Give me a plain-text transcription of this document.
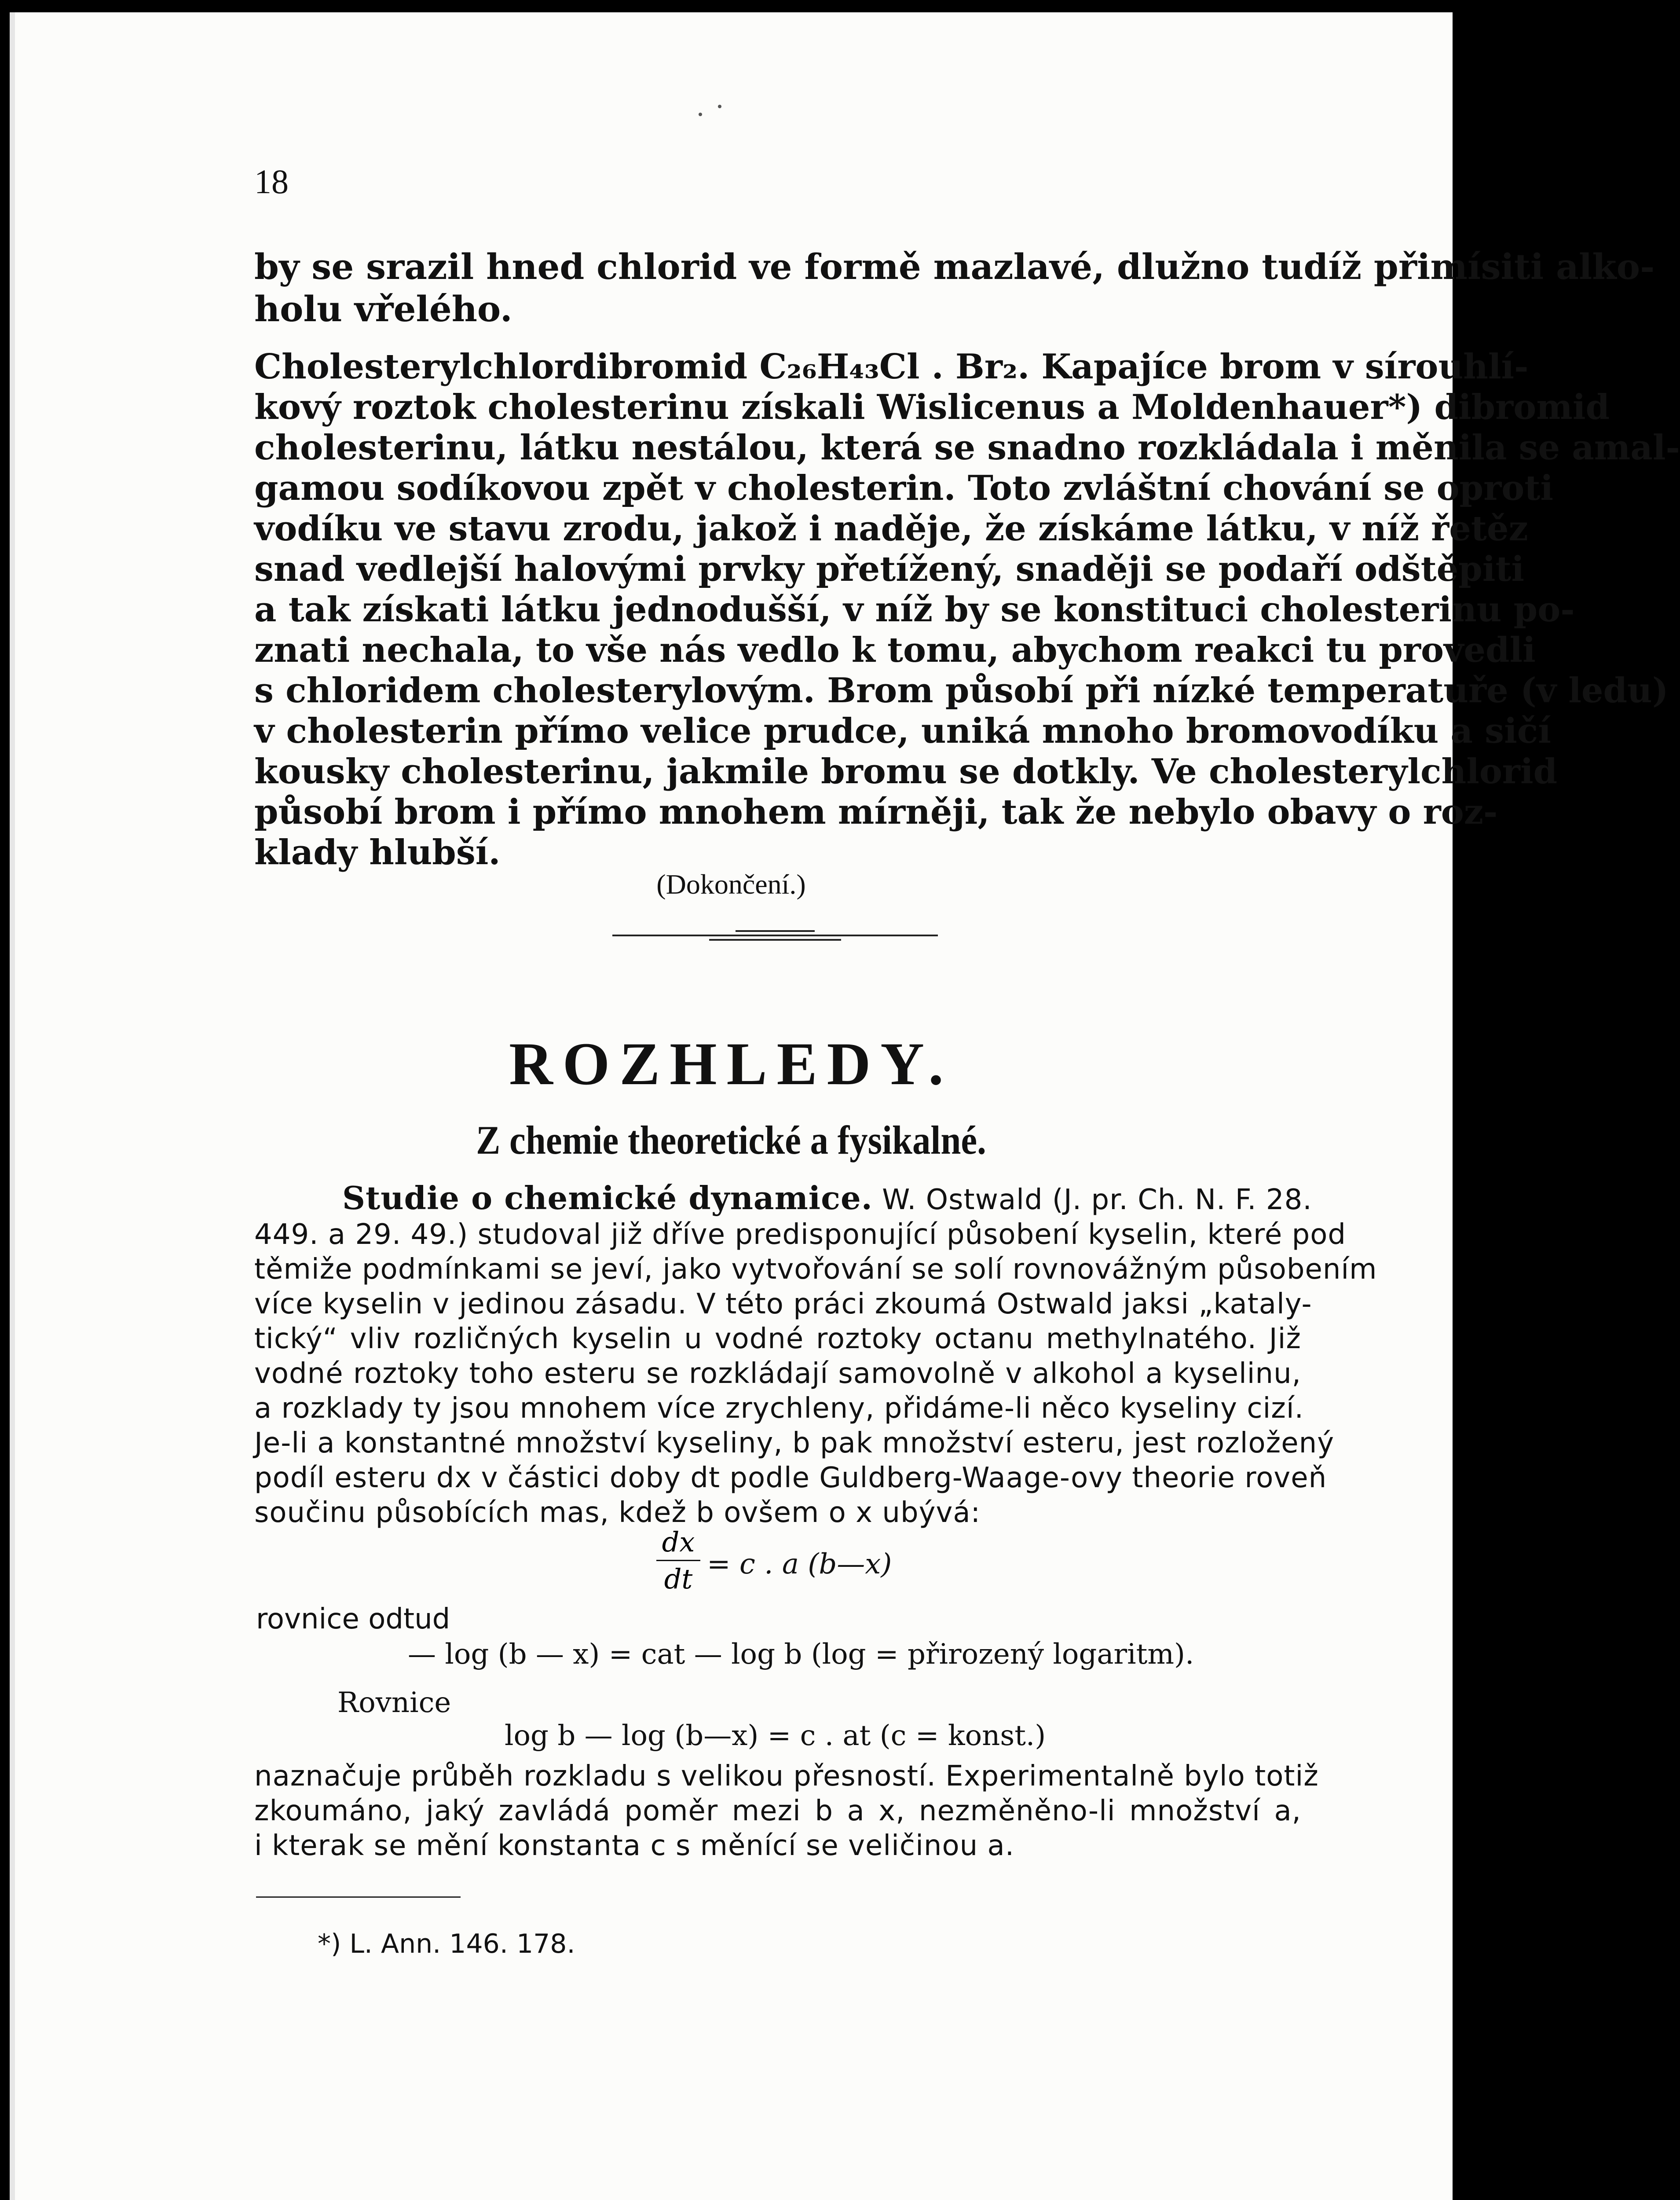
18
by se srazil hned chlorid ve formě mazlavé, dlužno tudíž přimísiti alko-
holu vřelého.
Cholesterylchlordibromid C₂₆H₄₃Cl . Br₂. Kapajíce brom v sírouhlí-
kový roztok cholesterinu získali Wislicenus a Moldenhauer*) dibromid
cholesterinu, látku nestálou, která se snadno rozkládala i měnila se amal-
gamou sodíkovou zpět v cholesterin. Toto zvláštní chování se oproti
vodíku ve stavu zrodu, jakož i naděje, že získáme látku, v níž řetěz
snad vedlejší halovými prvky přetížený, snaději se podaří odštěpiti
a tak získati látku jednodušší, v níž by se konstituci cholesterinu po-
znati nechala, to vše nás vedlo k tomu, abychom reakci tu provedli
s chloridem cholesterylovým. Brom působí při nízké temperatuře (v ledu)
v cholesterin přímo velice prudce, uniká mnoho bromovodíku a sičí
kousky cholesterinu, jakmile bromu se dotkly. Ve cholesterylchlorid
působí brom i přímo mnohem mírněji, tak že nebylo obavy o roz-
klady hlubší.
(Dokončení.)
ROZHLEDY.
Z chemie theoretické a fysikalné.
Studie o chemické dynamice. W. Ostwald (J. pr. Ch. N. F. 28.
449. a 29. 49.) studoval již dříve predisponující působení kyselin, které pod
těmiže podmínkami se jeví, jako vytvořování se solí rovnovážným působením
více kyselin v jedinou zásadu. V této práci zkoumá Ostwald jaksi „kataly-
tický“ vliv rozličných kyselin u vodné roztoky octanu methylnatého. Již
vodné roztoky toho esteru se rozkládají samovolně v alkohol a kyselinu,
a rozklady ty jsou mnohem více zrychleny, přidáme-li něco kyseliny cizí.
Je-li a konstantné množství kyseliny, b pak množství esteru, jest rozložený
podíl esteru dx v částici doby dt podle Guldberg-Waage-ovy theorie roveň
součinu působících mas, kdež b ovšem o x ubývá:
dx
dt = c . a (b—x)
rovnice odtud
— log (b — x) = cat — log b (log = přirozený logaritm).
Rovnice
log b — log (b—x) = c . at (c = konst.)
naznačuje průběh rozkladu s velikou přesností. Experimentalně bylo totiž
zkoumáno, jaký zavládá poměr mezi b a x, nezměněno-li množství a,
i kterak se mění konstanta c s měnící se veličinou a.
*) L. Ann. 146. 178.
